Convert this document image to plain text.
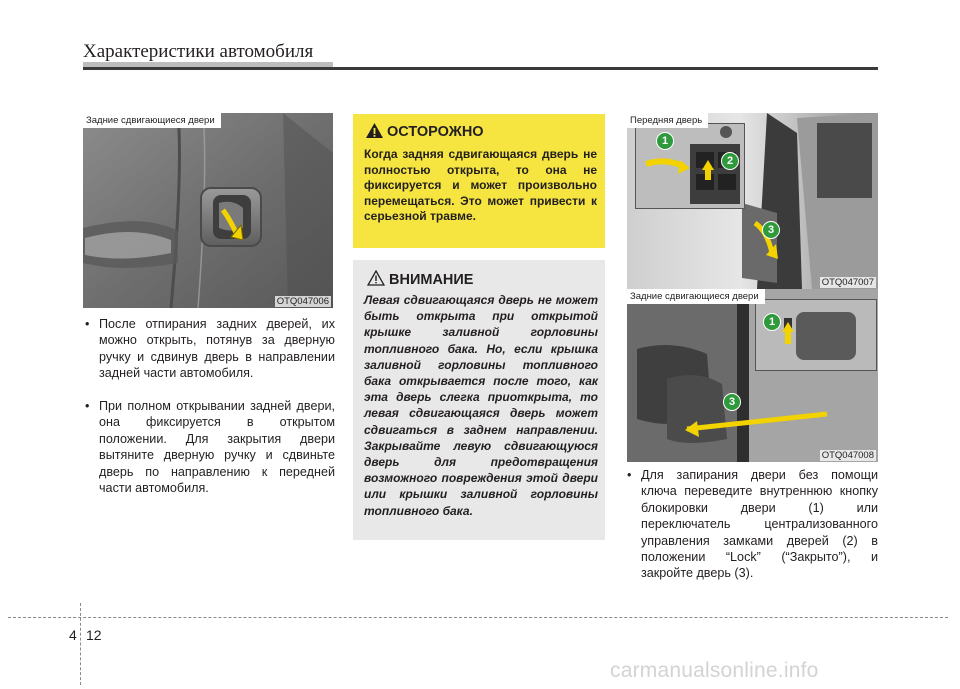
Характеристики автомобиля
Задние сдвигающиеся двери
OTQ047006
• После отпирания задних дверей, их можно открыть, потянув за дверную ручку и сдвинув дверь в направлении задней части автомобиля.
• При полном открывании задней двери, она фиксируется в открытом положении. Для закрытия двери вытяните дверную ручку и сдвиньте дверь по направлению к передней части автомобиля.
ОСТОРОЖНО
Когда задняя сдвигающаяся дверь не полностью открыта, то она не фиксируется и может произвольно перемещаться. Это может привести к серьезной травме.
ВНИМАНИЕ
Левая сдвигающаяся дверь не может быть открыта при открытой крышке заливной горловины топливного бака. Но, если крышка заливной горловины топливного бака открывается после того, как эта дверь слегка приоткрыта, то левая сдвигающаяся дверь может сдвигаться в заднем направлении. Закрывайте левую сдвигающуюся дверь для предотвращения возможного повреждения этой двери или крышки заливной горловины топливного бака.
1
2
3
Передняя дверь
OTQ047007
1
3
Задние сдвигающиеся двери
OTQ047008
• Для запирания двери без помощи ключа переведите внутреннюю кнопку блокировки двери (1) или переключатель централизованного управления замками дверей (2) в положении “Lock” (“Закрыто”), и закройте дверь (3).
4 12
carmanualsonline.info
